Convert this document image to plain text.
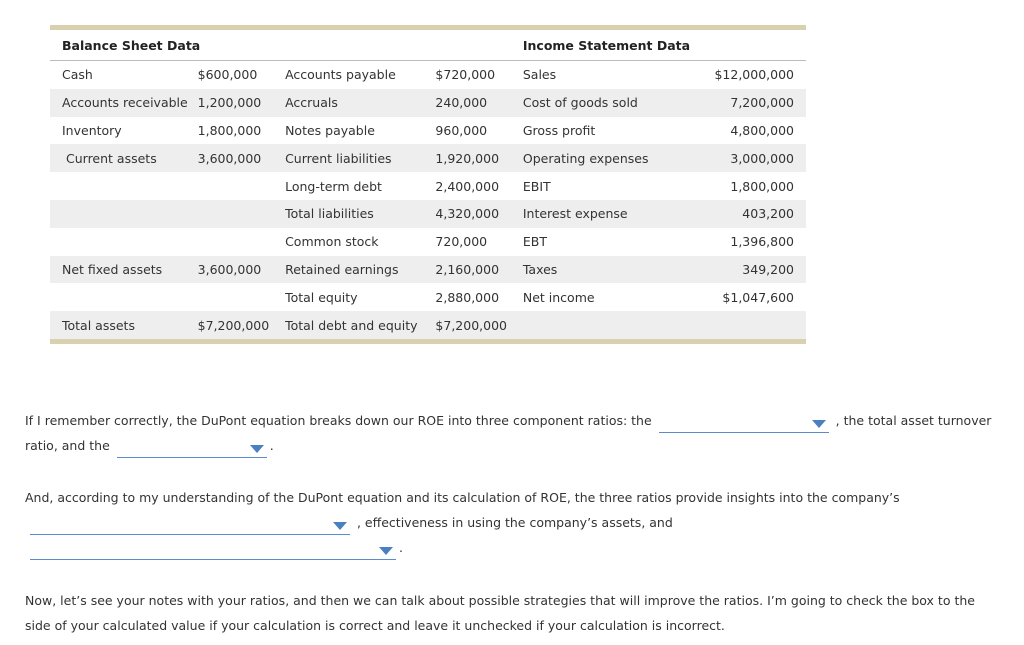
Balance Sheet Data				Income Statement Data	
Cash	$600,000	Accounts payable	$720,000	Sales	$12,000,000
Accounts receivable	1,200,000	Accruals	240,000	Cost of goods sold	7,200,000
Inventory	1,800,000	Notes payable	960,000	Gross profit	4,800,000
Current assets	3,600,000	Current liabilities	1,920,000	Operating expenses	3,000,000
		Long-term debt	2,400,000	EBIT	1,800,000
		Total liabilities	4,320,000	Interest expense	403,200
		Common stock	720,000	EBT	1,396,800
Net fixed assets	3,600,000	Retained earnings	2,160,000	Taxes	349,200
		Total equity	2,880,000	Net income	$1,047,600
Total assets	$7,200,000	Total debt and equity	$7,200,000		
If I remember correctly, the DuPont equation breaks down our ROE into three component ratios: the	, the total asset turnover ratio, and the	.
And, according to my understanding of the DuPont equation and its calculation of ROE, the three ratios provide insights into the company’s

, effectiveness in using the company’s assets, and

.
Now, let’s see your notes with your ratios, and then we can talk about possible strategies that will improve the ratios. I’m going to check the box to the side of your calculated value if your calculation is correct and leave it unchecked if your calculation is incorrect.
